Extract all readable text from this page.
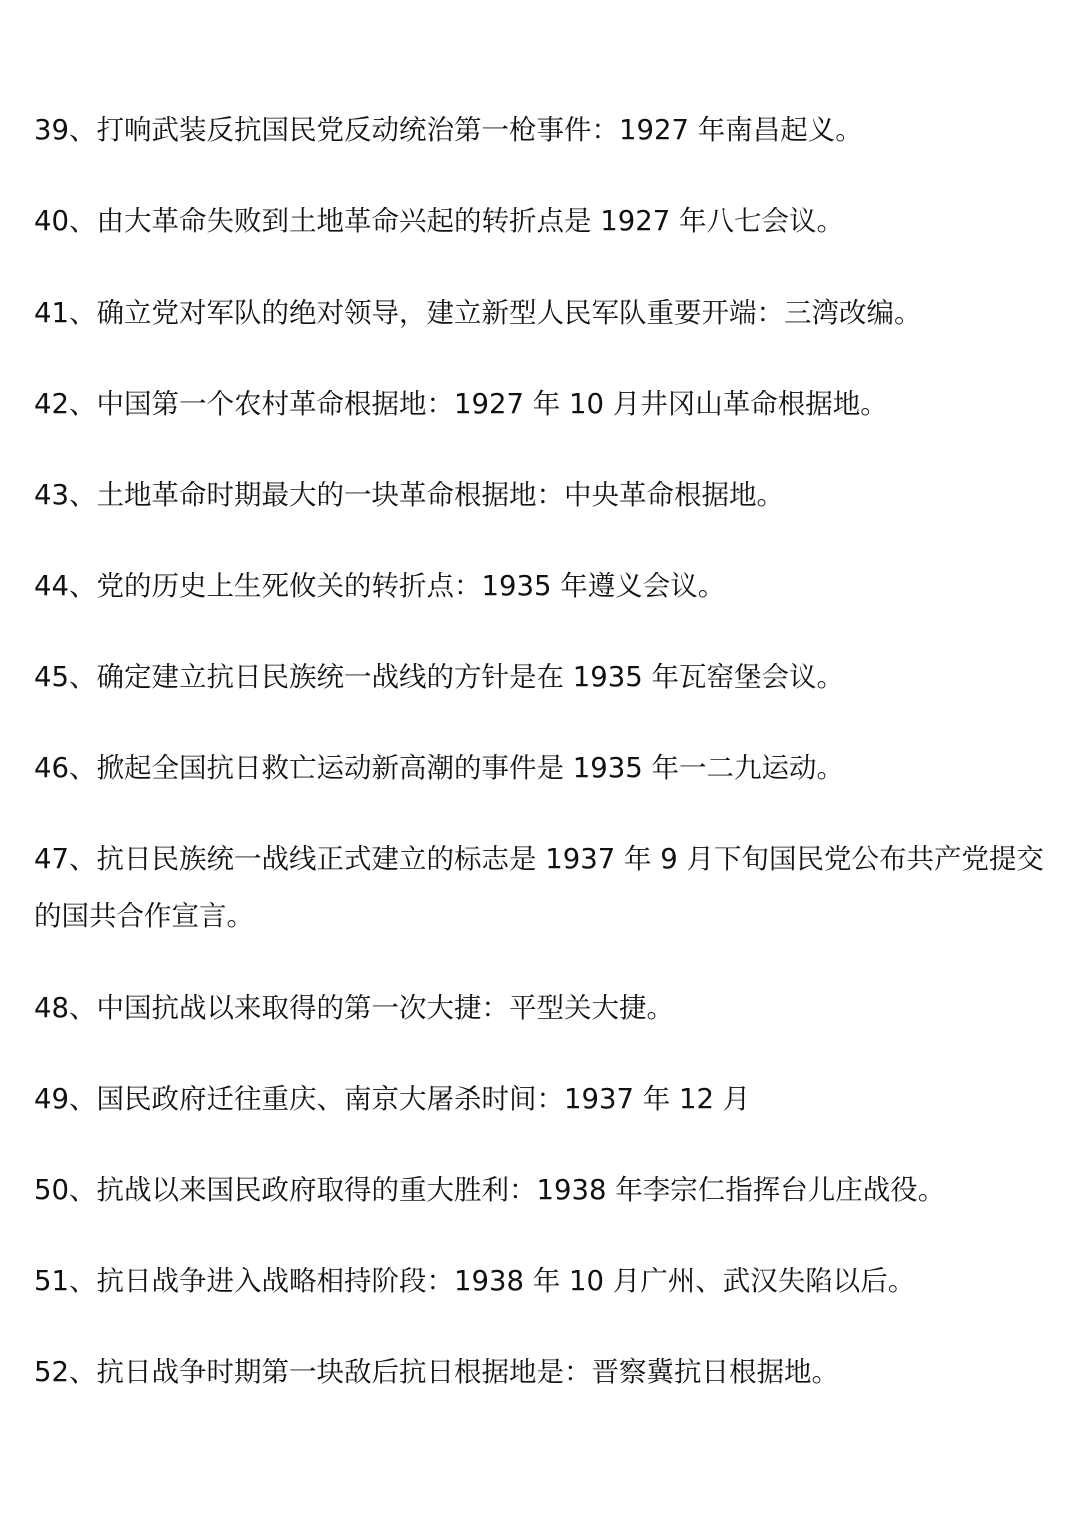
39、打响武装反抗国民党反动统治第一枪事件：1927 年南昌起义。

40、由大革命失败到土地革命兴起的转折点是 1927 年八七会议。

41、确立党对军队的绝对领导，建立新型人民军队重要开端：三湾改编。

42、中国第一个农村革命根据地：1927 年 10 月井冈山革命根据地。

43、土地革命时期最大的一块革命根据地：中央革命根据地。

44、党的历史上生死攸关的转折点：1935 年遵义会议。

45、确定建立抗日民族统一战线的方针是在 1935 年瓦窑堡会议。

46、掀起全国抗日救亡运动新高潮的事件是 1935 年一二九运动。

47、抗日民族统一战线正式建立的标志是 1937 年 9 月下旬国民党公布共产党提交的国共合作宣言。

48、中国抗战以来取得的第一次大捷：平型关大捷。

49、国民政府迁往重庆、南京大屠杀时间：1937 年 12 月

50、抗战以来国民政府取得的重大胜利：1938 年李宗仁指挥台儿庄战役。

51、抗日战争进入战略相持阶段：1938 年 10 月广州、武汉失陷以后。

52、抗日战争时期第一块敌后抗日根据地是：晋察冀抗日根据地。
